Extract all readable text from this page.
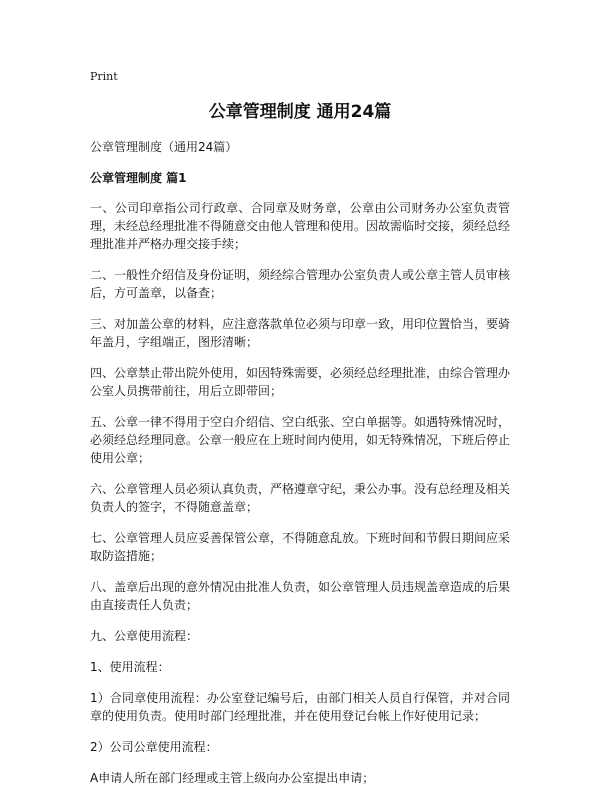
Print
公章管理制度 通用24篇
公章管理制度（通用24篇）
公章管理制度 篇1
一、公司印章指公司行政章、合同章及财务章，公章由公司财务办公室负责管理，未经总经理批准不得随意交由他人管理和使用。因故需临时交接，须经总经理批准并严格办理交接手续；
二、一般性介绍信及身份证明，须经综合管理办公室负责人或公章主管人员审核后，方可盖章，以备查；
三、对加盖公章的材料，应注意落款单位必须与印章一致，用印位置恰当，要骑年盖月，字组端正，图形清晰；
四、公章禁止带出院外使用，如因特殊需要，必须经总经理批准，由综合管理办公室人员携带前往，用后立即带回；
五、公章一律不得用于空白介绍信、空白纸张、空白单据等。如遇特殊情况时，必须经总经理同意。公章一般应在上班时间内使用，如无特殊情况，下班后停止使用公章；
六、公章管理人员必须认真负责，严格遵章守纪，秉公办事。没有总经理及相关负责人的签字，不得随意盖章；
七、公章管理人员应妥善保管公章，不得随意乱放。下班时间和节假日期间应采取防盗措施；
八、盖章后出现的意外情况由批准人负责，如公章管理人员违规盖章造成的后果由直接责任人负责；
九、公章使用流程：
1、使用流程：
1）合同章使用流程：办公室登记编号后，由部门相关人员自行保管，并对合同章的使用负责。使用时部门经理批准，并在使用登记台帐上作好使用记录；
2）公司公章使用流程：
A申请人所在部门经理或主管上级向办公室提出申请；
